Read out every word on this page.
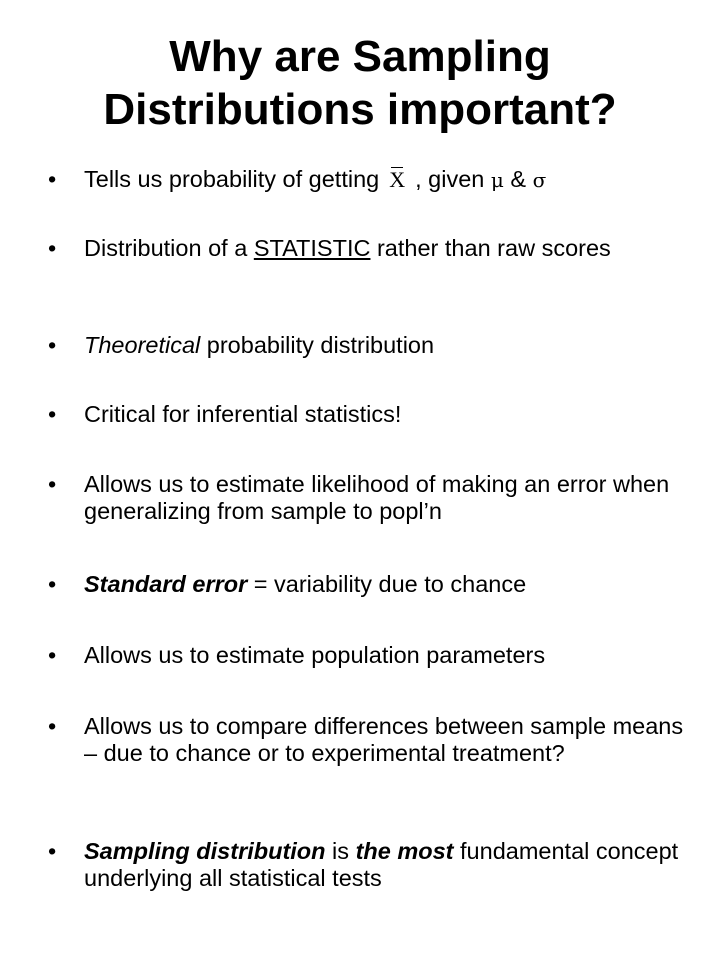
Why are Sampling
Distributions important?
• Tells us probability of getting X , given μ & σ
• Distribution of a STATISTIC rather than raw scores
• Theoretical probability distribution
• Critical for inferential statistics!
• Allows us to estimate likelihood of making an error when generalizing from sample to popl’n
• Standard error = variability due to chance
• Allows us to estimate population parameters
• Allows us to compare differences between sample means – due to chance or to experimental treatment?
• Sampling distribution is the most fundamental concept underlying all statistical tests
